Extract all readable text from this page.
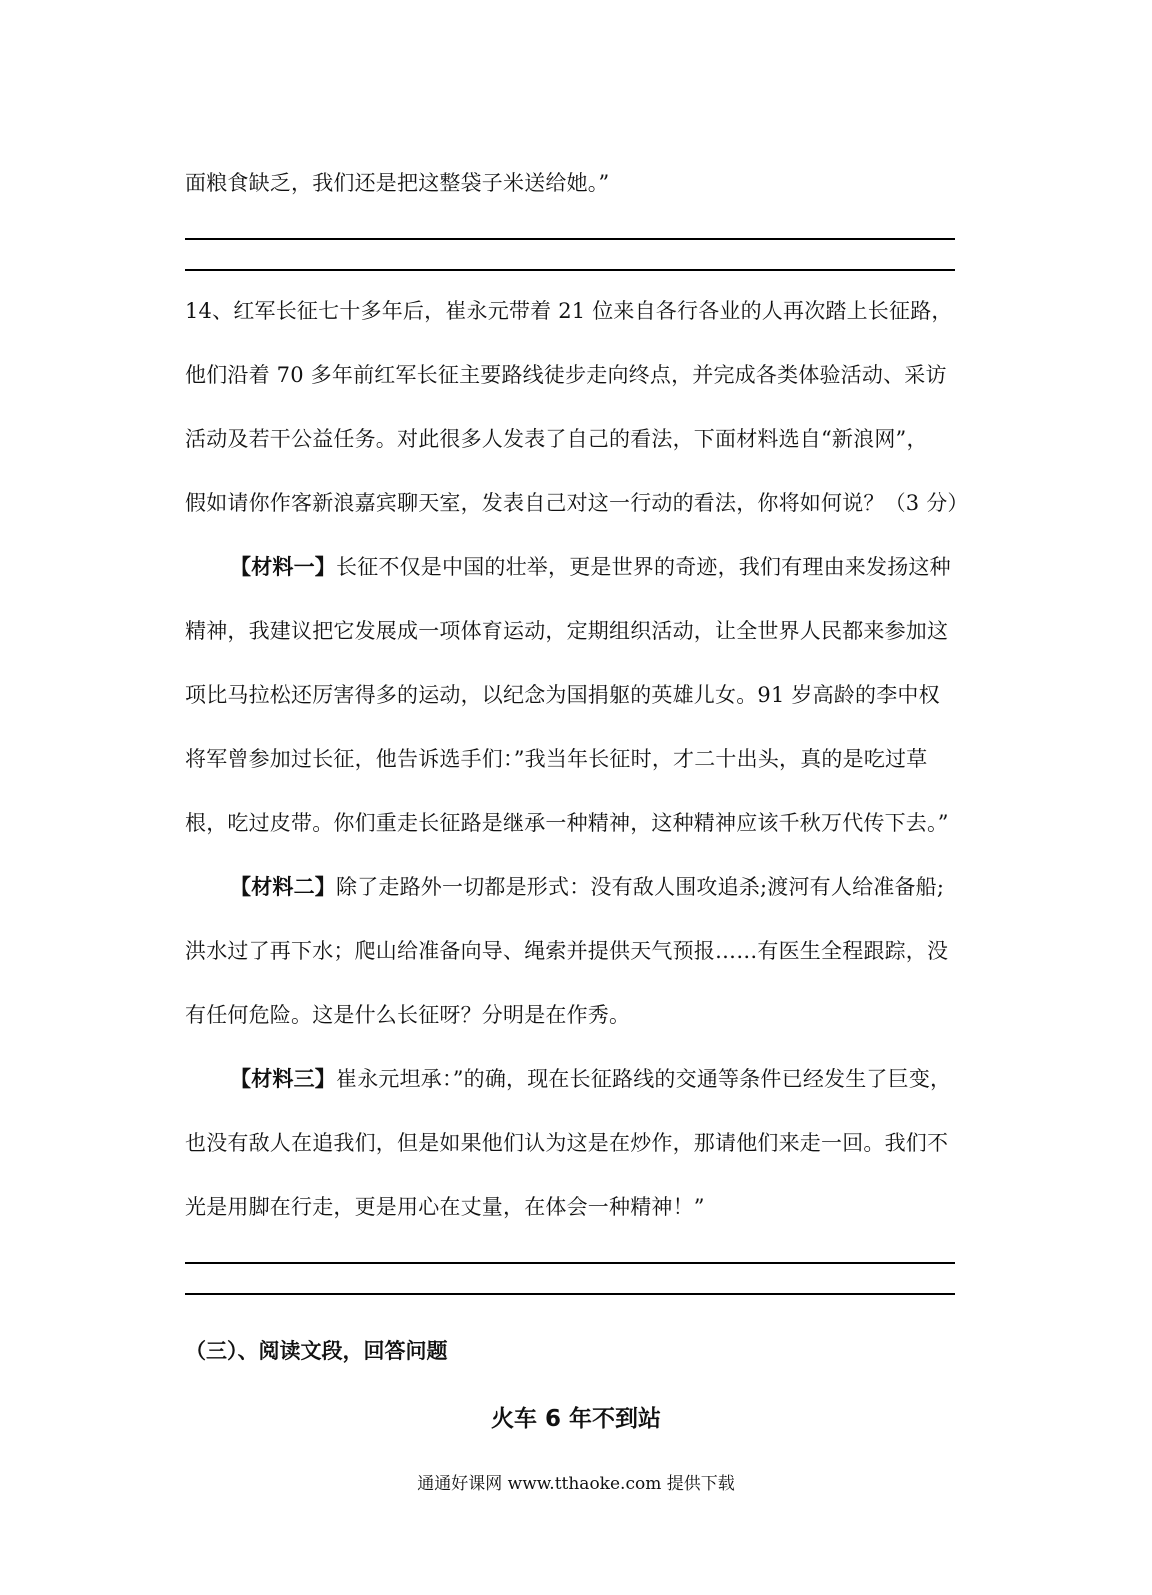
面粮食缺乏，我们还是把这整袋子米送给她。”
14、红军长征七十多年后，崔永元带着 21 位来自各行各业的人再次踏上长征路，
他们沿着 70 多年前红军长征主要路线徒步走向终点，并完成各类体验活动、采访
活动及若干公益任务。对此很多人发表了自己的看法，下面材料选自“新浪网”，
假如请你作客新浪嘉宾聊天室，发表自己对这一行动的看法，你将如何说？（3 分）
【材料一】长征不仅是中国的壮举，更是世界的奇迹，我们有理由来发扬这种
精神，我建议把它发展成一项体育运动，定期组织活动，让全世界人民都来参加这
项比马拉松还厉害得多的运动，以纪念为国捐躯的英雄儿女。91 岁高龄的李中权
将军曾参加过长征，他告诉选手们：”我当年长征时，才二十出头，真的是吃过草
根，吃过皮带。你们重走长征路是继承一种精神，这种精神应该千秋万代传下去。”
【材料二】除了走路外一切都是形式：没有敌人围攻追杀;渡河有人给准备船;
洪水过了再下水；爬山给准备向导、绳索并提供天气预报……有医生全程跟踪，没
有任何危险。这是什么长征呀？分明是在作秀。
【材料三】崔永元坦承：”的确，现在长征路线的交通等条件已经发生了巨变，
也没有敌人在追我们，但是如果他们认为这是在炒作，那请他们来走一回。我们不
光是用脚在行走，更是用心在丈量，在体会一种精神！”
（三）、阅读文段，回答问题
火车 6 年不到站
通通好课网 www.tthaoke.com 提供下载
